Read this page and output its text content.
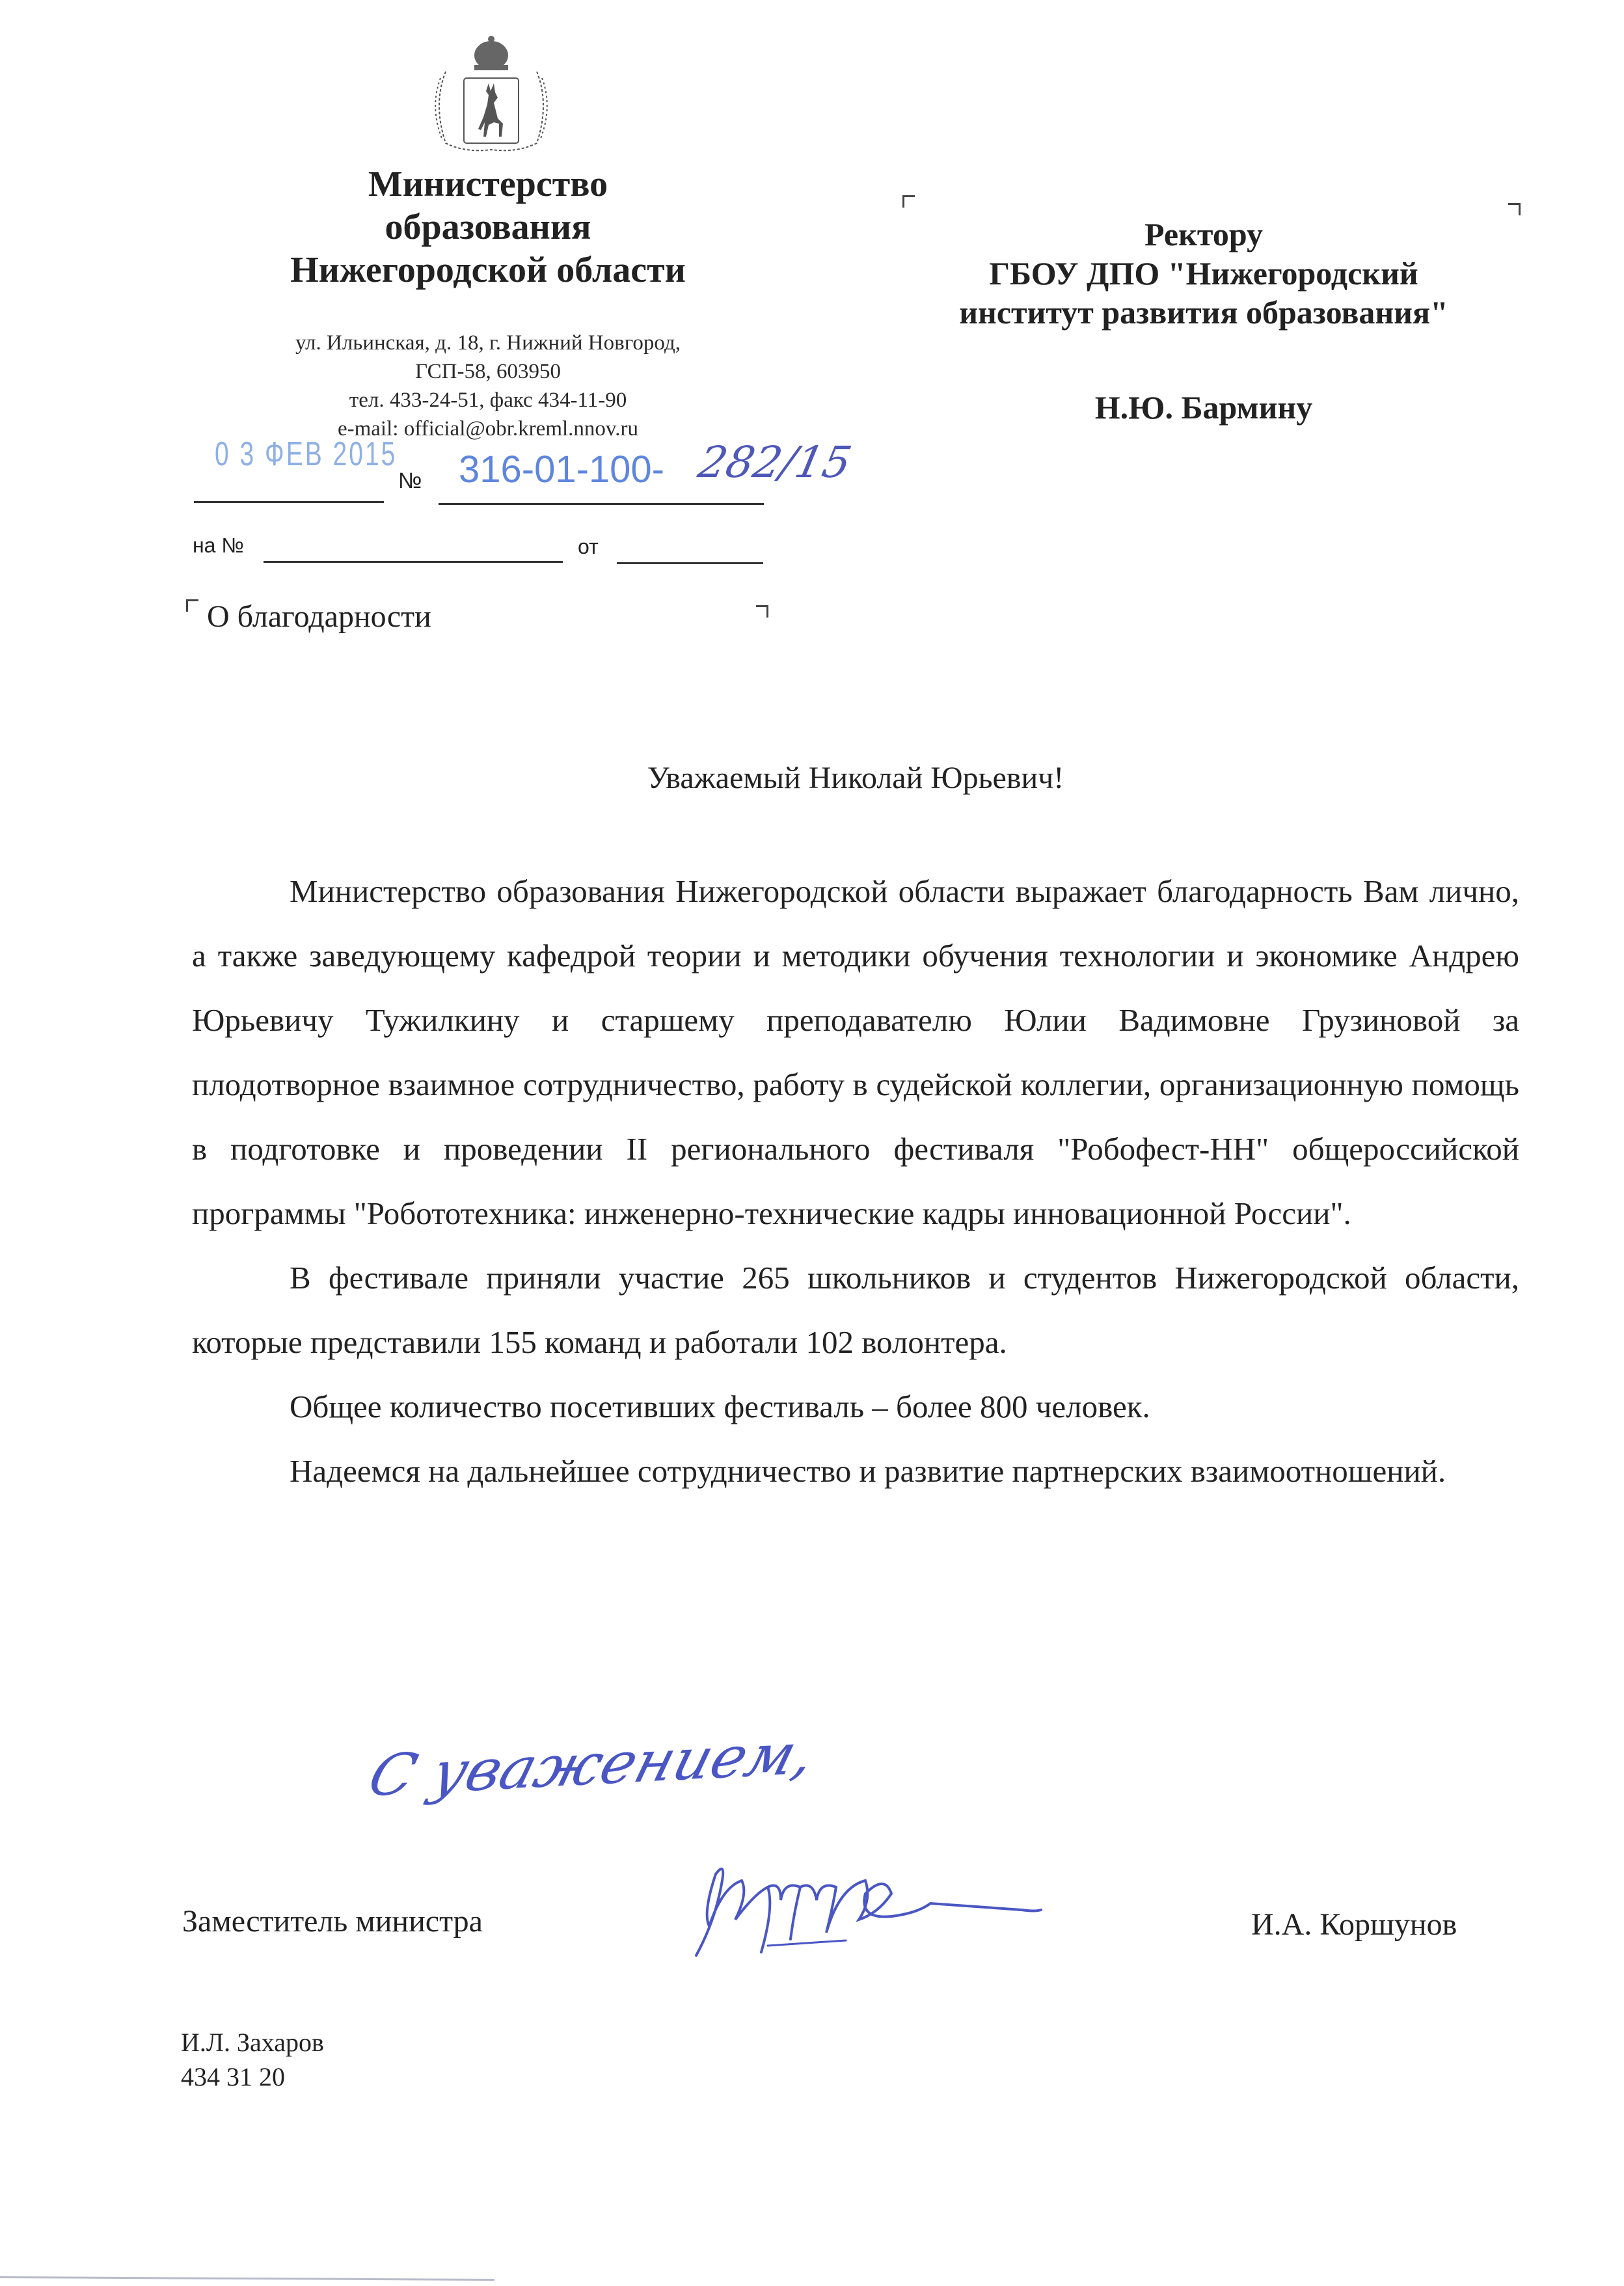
Министерство
образования
Нижегородской области
ул. Ильинская, д. 18, г. Нижний Новгород,
ГСП-58, 603950
тел. 433-24-51, факс 434-11-90
e-mail: official@obr.kreml.nnov.ru
0 3 ФЕВ 2015
№ 316-01-100- 282/15
на №	от
Ректору
ГБОУ ДПО "Нижегородский
институт развития образования"
Н.Ю. Бармину
О благодарности
Уважаемый Николай Юрьевич!

Министерство образования Нижегородской области выражает благодарность Вам лично, а также заведующему кафедрой теории и методики обучения технологии и экономике Андрею Юрьевичу Тужилкину и старшему преподавателю Юлии Вадимовне Грузиновой за плодотворное взаимное сотрудничество, работу в судейской коллегии, организационную помощь в подготовке и проведении II регионального фестиваля "Робофест-НН" общероссийской программы "Робототехника: инженерно-технические кадры инновационной России".

В фестивале приняли участие 265 школьников и студентов Нижегородской области, которые представили 155 команд и работали 102 волонтера.

Общее количество посетивших фестиваль – более 800 человек.

Надеемся на дальнейшее сотрудничество и развитие партнерских взаимоотношений.

С уважением,
Заместитель министра	И.А. Коршунов
И.Л. Захаров
434 31 20
